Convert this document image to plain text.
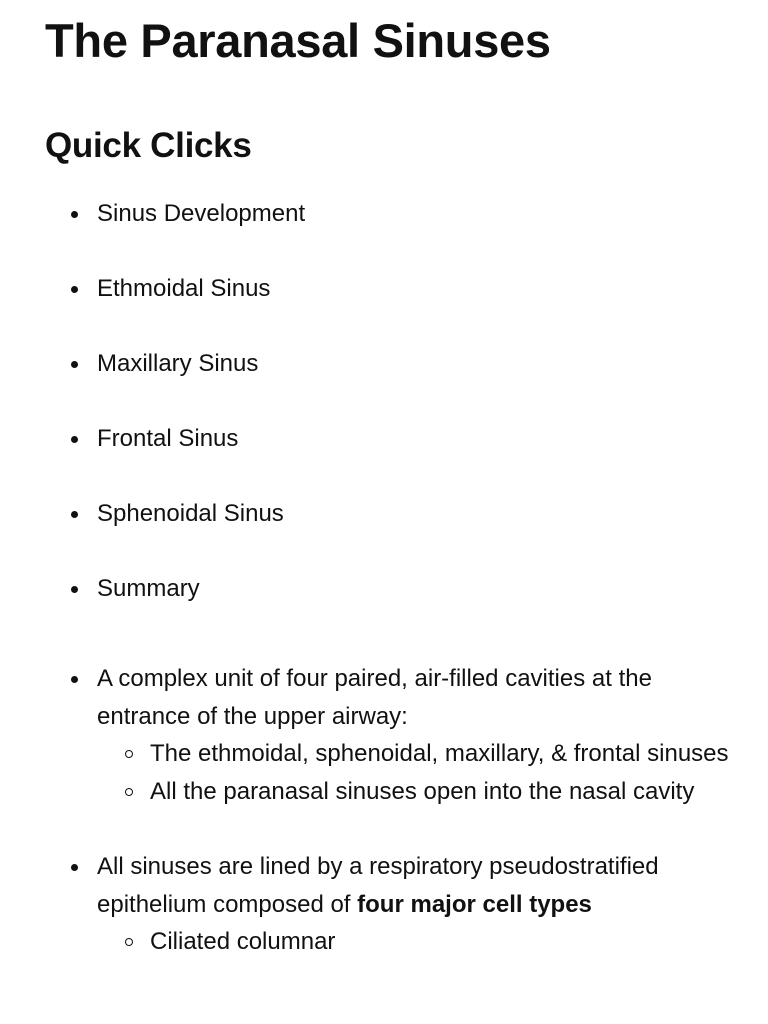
The Paranasal Sinuses
Quick Clicks
Sinus Development
Ethmoidal Sinus
Maxillary Sinus
Frontal Sinus
Sphenoidal Sinus
Summary
A complex unit of four paired, air-filled cavities at the entrance of the upper airway:
The ethmoidal, sphenoidal, maxillary, & frontal sinuses
All the paranasal sinuses open into the nasal cavity
All sinuses are lined by a respiratory pseudostratified epithelium composed of four major cell types
Ciliated columnar
